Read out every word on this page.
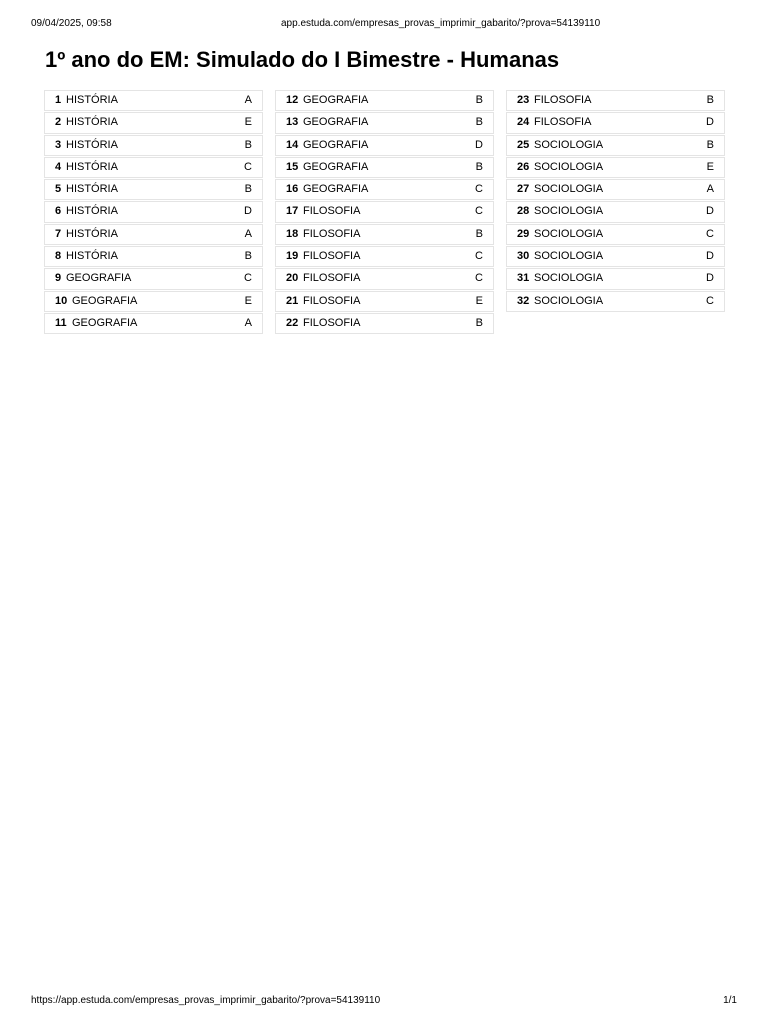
09/04/2025, 09:58	app.estuda.com/empresas_provas_imprimir_gabarito/?prova=54139110
1º ano do EM: Simulado do I Bimestre - Humanas
1 HISTÓRIA	A
2 HISTÓRIA	E
3 HISTÓRIA	B
4 HISTÓRIA	C
5 HISTÓRIA	B
6 HISTÓRIA	D
7 HISTÓRIA	A
8 HISTÓRIA	B
9 GEOGRAFIA	C
10 GEOGRAFIA	E
11 GEOGRAFIA	A
12 GEOGRAFIA	B
13 GEOGRAFIA	B
14 GEOGRAFIA	D
15 GEOGRAFIA	B
16 GEOGRAFIA	C
17 FILOSOFIA	C
18 FILOSOFIA	B
19 FILOSOFIA	C
20 FILOSOFIA	C
21 FILOSOFIA	E
22 FILOSOFIA	B
23 FILOSOFIA	B
24 FILOSOFIA	D
25 SOCIOLOGIA	B
26 SOCIOLOGIA	E
27 SOCIOLOGIA	A
28 SOCIOLOGIA	D
29 SOCIOLOGIA	C
30 SOCIOLOGIA	D
31 SOCIOLOGIA	D
32 SOCIOLOGIA	C
https://app.estuda.com/empresas_provas_imprimir_gabarito/?prova=54139110	1/1
